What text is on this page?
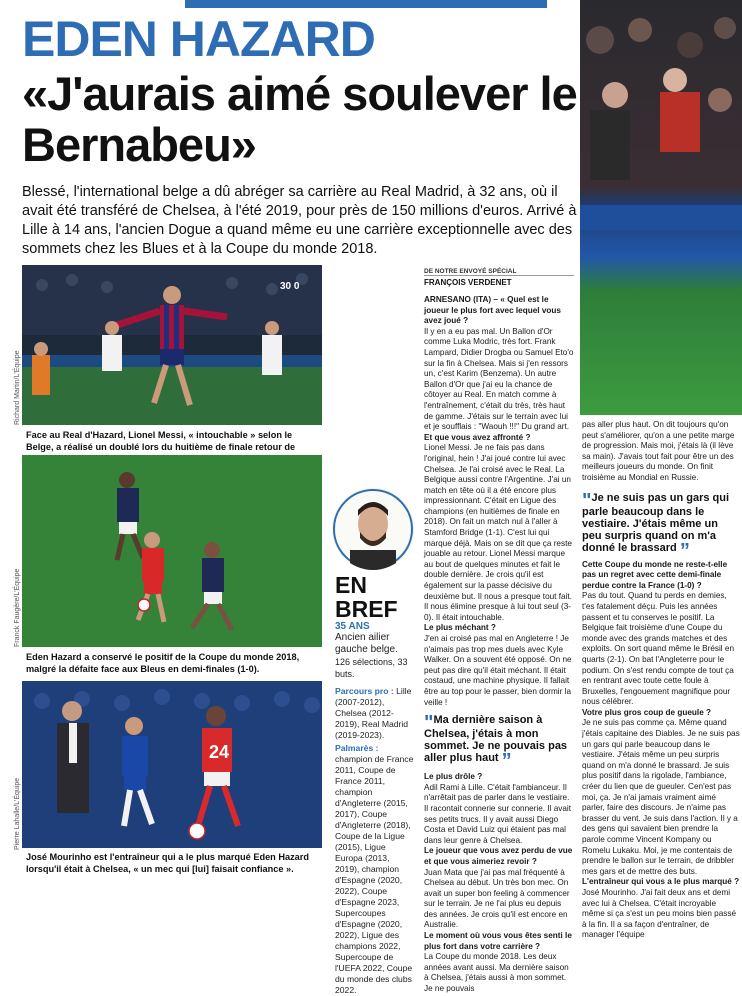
EDEN HAZARD
«J'aurais aimé soulever le Bernabeu»
Blessé, l'international belge a dû abréger sa carrière au Real Madrid, à 32 ans, où il avait été transféré de Chelsea, à l'été 2019, pour près de 150 millions d'euros. Arrivé à Lille à 14 ans, l'ancien Dogue a quand même eu une carrière exceptionnelle avec des sommets chez les Blues et à la Coupe du monde 2018.
30 0
Richard Martin/L'Équipe
Face au Real d'Hazard, Lionel Messi, « intouchable » selon le Belge, a réalisé un doublé lors du huitième de finale retour de
Franck Faugère/L'Équipe
Eden Hazard a conservé le positif de la Coupe du monde 2018, malgré la défaite face aux Bleus en demi-finales (1-0).
24
Pierre Lahalle/L'Équipe
José Mourinho est l'entraîneur qui a le plus marqué Eden Hazard lorsqu'il était à Chelsea, « un mec qui [lui] faisait confiance ».
EN BREF
35 ANS
Ancien ailier gauche belge.
126 sélections, 33 buts.
Parcours pro : Lille (2007-2012), Chelsea (2012-2019), Real Madrid (2019-2023).
Palmarès : champion de France 2011, Coupe de France 2011, champion d'Angleterre (2015, 2017), Coupe d'Angleterre (2018), Coupe de la Ligue (2015), Ligue Europa (2013, 2019), champion d'Espagne (2020, 2022), Coupe d'Espagne 2023, Supercoupes d'Espagne (2020, 2022), Ligue des champions 2022, Supercoupe de l'UEFA 2022, Coupe du monde des clubs 2022.
DE NOTRE ENVOYÉ SPÉCIAL
FRANÇOIS VERDENET

ARNESANO (ITA) – « Quel est le joueur le plus fort avec lequel vous avez joué ?

Il y en a eu pas mal. Un Ballon d'Or comme Luka Modric, très fort. Frank Lampard, Didier Drogba ou Samuel Eto'o sur la fin à Chelsea. Mais si j'en ressors un, c'est Karim (Benzema). Un autre Ballon d'Or que j'ai eu la chance de côtoyer au Real. En match comme à l'entraînement, c'était du très, très haut de gamme. J'étais sur le terrain avec lui et je soufflais : "Waouh !!!" Du grand art.

Et que vous avez affronté ?

Lionel Messi. Je ne fais pas dans l'original, hein ! J'ai joué contre lui avec Chelsea. Je l'ai croisé avec le Real. La Belgique aussi contre l'Argentine. J'ai un match en tête où il a été encore plus impressionnant. C'était en Ligue des champions (en huitièmes de finale en 2018). On fait un match nul à l'aller à Stamford Bridge (1-1). C'est lui qui marque déjà. Mais on se dit que ça reste jouable au retour. Lionel Messi marque au bout de quelques minutes et fait le double dernière. Je crois qu'il est également sur la passe décisive du deuxième but. Il nous a presque tout fait. Il nous élimine presque à lui tout seul (3-0). Il était intouchable.

Le plus méchant ?

J'en ai croisé pas mal en Angleterre ! Je n'aimais pas trop mes duels avec Kyle Walker. On a souvent été opposé. On ne peut pas dire qu'il était méchant. Il était costaud, une machine physique. Il fallait être au top pour le passer, bien dormir la veille !

"Ma dernière saison à Chelsea, j'étais à mon sommet. Je ne pouvais pas aller plus haut ”

Le plus drôle ?

Adil Rami à Lille. C'était l'ambianceur. Il n'arrêtait pas de parler dans le vestiaire. Il racontait connerie sur connerie. Il avait ses petits trucs. Il y avait aussi Diego Costa et David Luiz qui étaient pas mal dans leur genre à Chelsea.

Le joueur que vous avez perdu de vue et que vous aimeriez revoir ?

Juan Mata que j'ai pas mal fréquenté à Chelsea au début. Un très bon mec. On avait un super bon feeling à commencer sur le terrain. Je ne l'ai plus eu depuis des années. Je crois qu'il est encore en Australie.

Le moment où vous vous êtes senti le plus fort dans votre carrière ?

La Coupe du monde 2018. Les deux années avant aussi. Ma dernière saison à Chelsea, j'étais aussi à mon sommet. Je ne pouvais

pas aller plus haut. On dit toujours qu'on peut s'améliorer, qu'on a une petite marge de progression. Mais moi, j'étais là (il lève sa main). J'avais tout fait pour être un des meilleurs joueurs du monde. On finit troisième au Mondial en Russie.
"Je ne suis pas un gars qui parle beaucoup dans le vestiaire. J'étais même un peu surpris quand on m'a donné le brassard ”

Cette Coupe du monde ne reste-t-elle pas un regret avec cette demi-finale perdue contre la France (1-0) ?

Pas du tout. Quand tu perds en demies, t'es fatalement déçu. Puis les années passent et tu conserves le positif. La Belgique fait troisième d'une Coupe du monde avec des grands matches et des exploits. On sort quand même le Brésil en quarts (2-1). On bat l'Angleterre pour le podium. On s'est rendu compte de tout ça en rentrant avec toute cette foule à Bruxelles, l'engouement magnifique pour nous célébrer.

Votre plus gros coup de gueule ?

Je ne suis pas comme ça. Même quand j'étais capitaine des Diables. Je ne suis pas un gars qui parle beaucoup dans le vestiaire. J'étais même un peu surpris quand on m'a donné le brassard. Je suis plus positif dans la rigolade, l'ambiance, créer du lien que de gueuler. Cen'est pas moi, ça. Je n'ai jamais vraiment aimé parler, faire des discours. Je n'aime pas brasser du vent. Je suis dans l'action. Il y a des gens qui savaient bien prendre la parole comme Vincent Kompany ou Romelu Lukaku. Moi, je me contentais de prendre le ballon sur le terrain, de dribbler mes gars et de mettre des buts.

L'entraîneur qui vous a le plus marqué ?

José Mourinho. J'ai fait deux ans et demi avec lui à Chelsea. C'était incroyable même si ça s'est un peu moins bien passé à la fin. Il a sa façon d'entraîner, de manager l'équipe
